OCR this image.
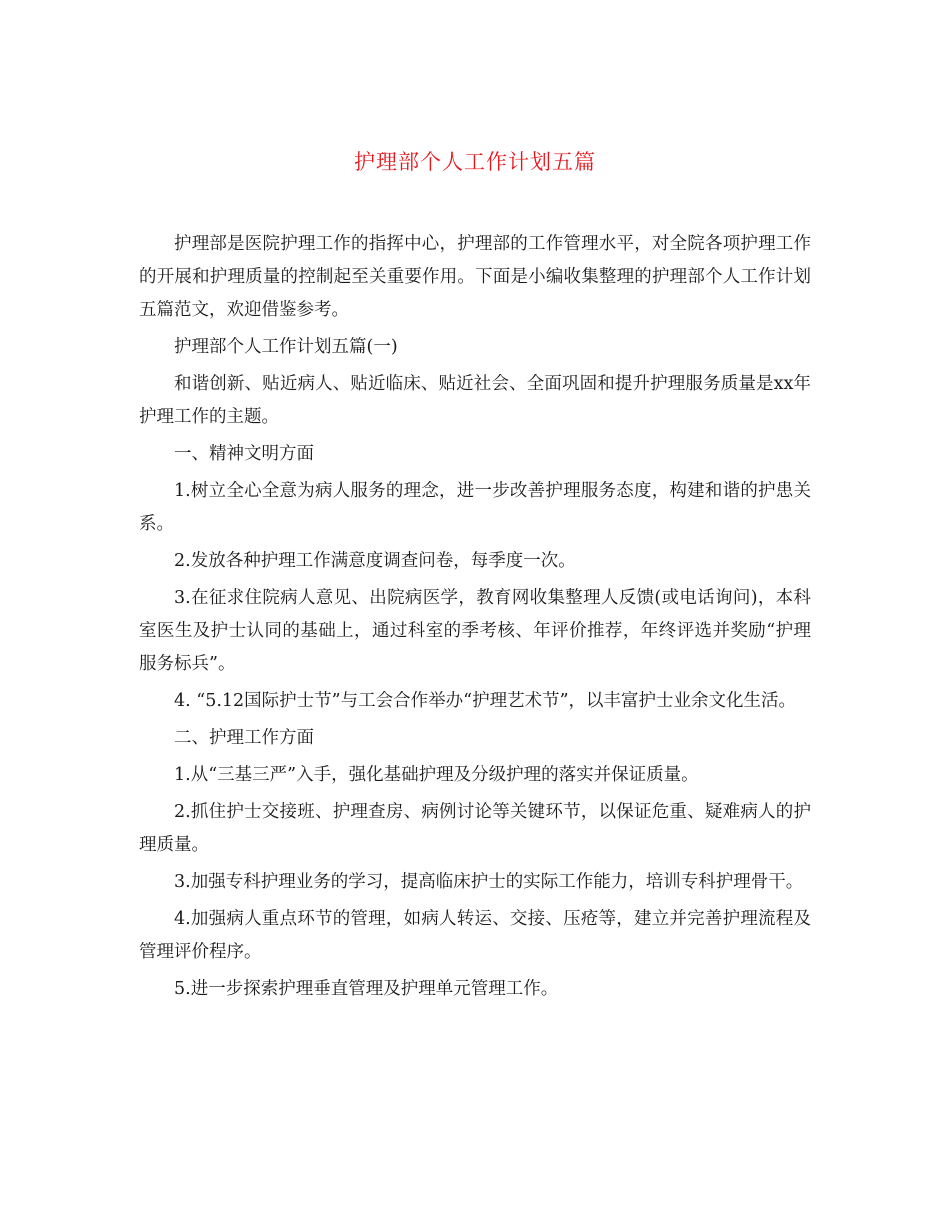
护理部个人工作计划五篇

护理部是医院护理工作的指挥中心，护理部的工作管理水平，对全院各项护理工作的开展和护理质量的控制起至关重要作用。下面是小编收集整理的护理部个人工作计划五篇范文，欢迎借鉴参考。

护理部个人工作计划五篇(一)

和谐创新、贴近病人、贴近临床、贴近社会、全面巩固和提升护理服务质量是xx年护理工作的主题。

一、精神文明方面

1.树立全心全意为病人服务的理念，进一步改善护理服务态度，构建和谐的护患关系。

2.发放各种护理工作满意度调查问卷，每季度一次。

3.在征求住院病人意见、出院病医学，教育网收集整理人反馈(或电话询问)，本科室医生及护士认同的基础上，通过科室的季考核、年评价推荐，年终评选并奖励“护理服务标兵”。

4. “5.12国际护士节”与工会合作举办“护理艺术节”，以丰富护士业余文化生活。

二、护理工作方面

1.从“三基三严”入手，强化基础护理及分级护理的落实并保证质量。

2.抓住护士交接班、护理查房、病例讨论等关键环节，以保证危重、疑难病人的护理质量。

3.加强专科护理业务的学习，提高临床护士的实际工作能力，培训专科护理骨干。

4.加强病人重点环节的管理，如病人转运、交接、压疮等，建立并完善护理流程及管理评价程序。

5.进一步探索护理垂直管理及护理单元管理工作。
